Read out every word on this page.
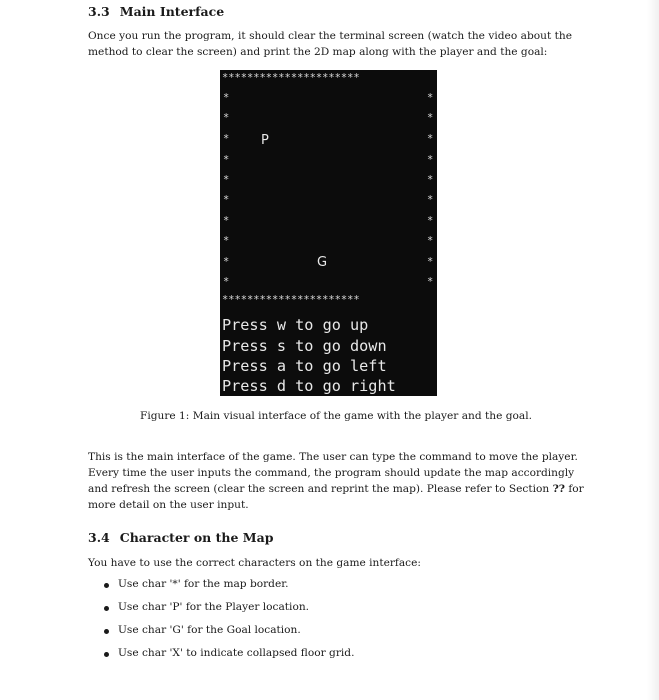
3.3 Main Interface
Once you run the program, it should clear the terminal screen (watch the video about the
method to clear the screen) and print the 2D map along with the player and the goal:
**********************
*	*
*	*
*	*
*	*
*	*
*	*
*	*
*	*
*	*
*	*
P
G
**********************
Press w to go up
Press s to go down
Press a to go left
Press d to go right
Figure 1: Main visual interface of the game with the player and the goal.
This is the main interface of the game. The user can type the command to move the player.
Every time the user inputs the command, the program should update the map accordingly
and refresh the screen (clear the screen and reprint the map). Please refer to Section ?? for
more detail on the user input.
3.4 Character on the Map
You have to use the correct characters on the game interface:
Use char '*' for the map border.
Use char 'P' for the Player location.
Use char 'G' for the Goal location.
Use char 'X' to indicate collapsed floor grid.
